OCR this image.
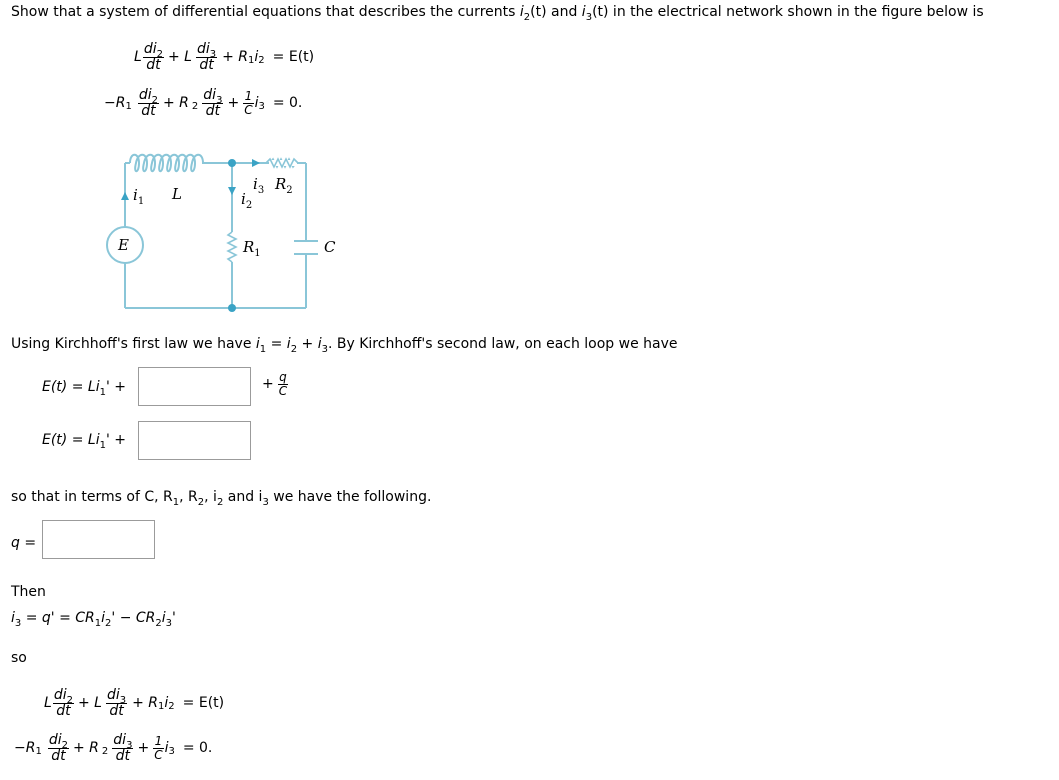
Show that a system of differential equations that describes the currents $i_2(t)$ and $i_3(t)$ in the electrical network shown in the figure below is
L $\frac{di_2}{dt} + L \frac{di_3}{dt} + R$ 1 i 2 = E(t)
−R $1 \frac{di_2}{dt} + R$ $2 \frac{di_3}{dt} + \frac{1}{C}$ i 3 = 0.
$i_1$ L
$i_3$ $R_2$
$i_2$
E	$R_1$	C
Using Kirchhoff's first law we have $i_1 = i_2 + i_3$. By Kirchhoff's second law, on each loop we have
$E(t) = Li_1'$ +	+ $\frac{q}{C}$
$E(t) = Li_1'$ +
so that in terms of C, $R_1$, $R_2$, $i_2$ and $i_3$ we have the following.
q =
Then
$i_3 = q' = CR_1i_2' - CR_2i_3'$
so
L $\frac{di_2}{dt} + L \frac{di_3}{dt} + R$ 1 i 2 = E(t)
−R $1 \frac{di_2}{dt} + R$ $2 \frac{di_3}{dt} + \frac{1}{C}$ i 3 = 0.
